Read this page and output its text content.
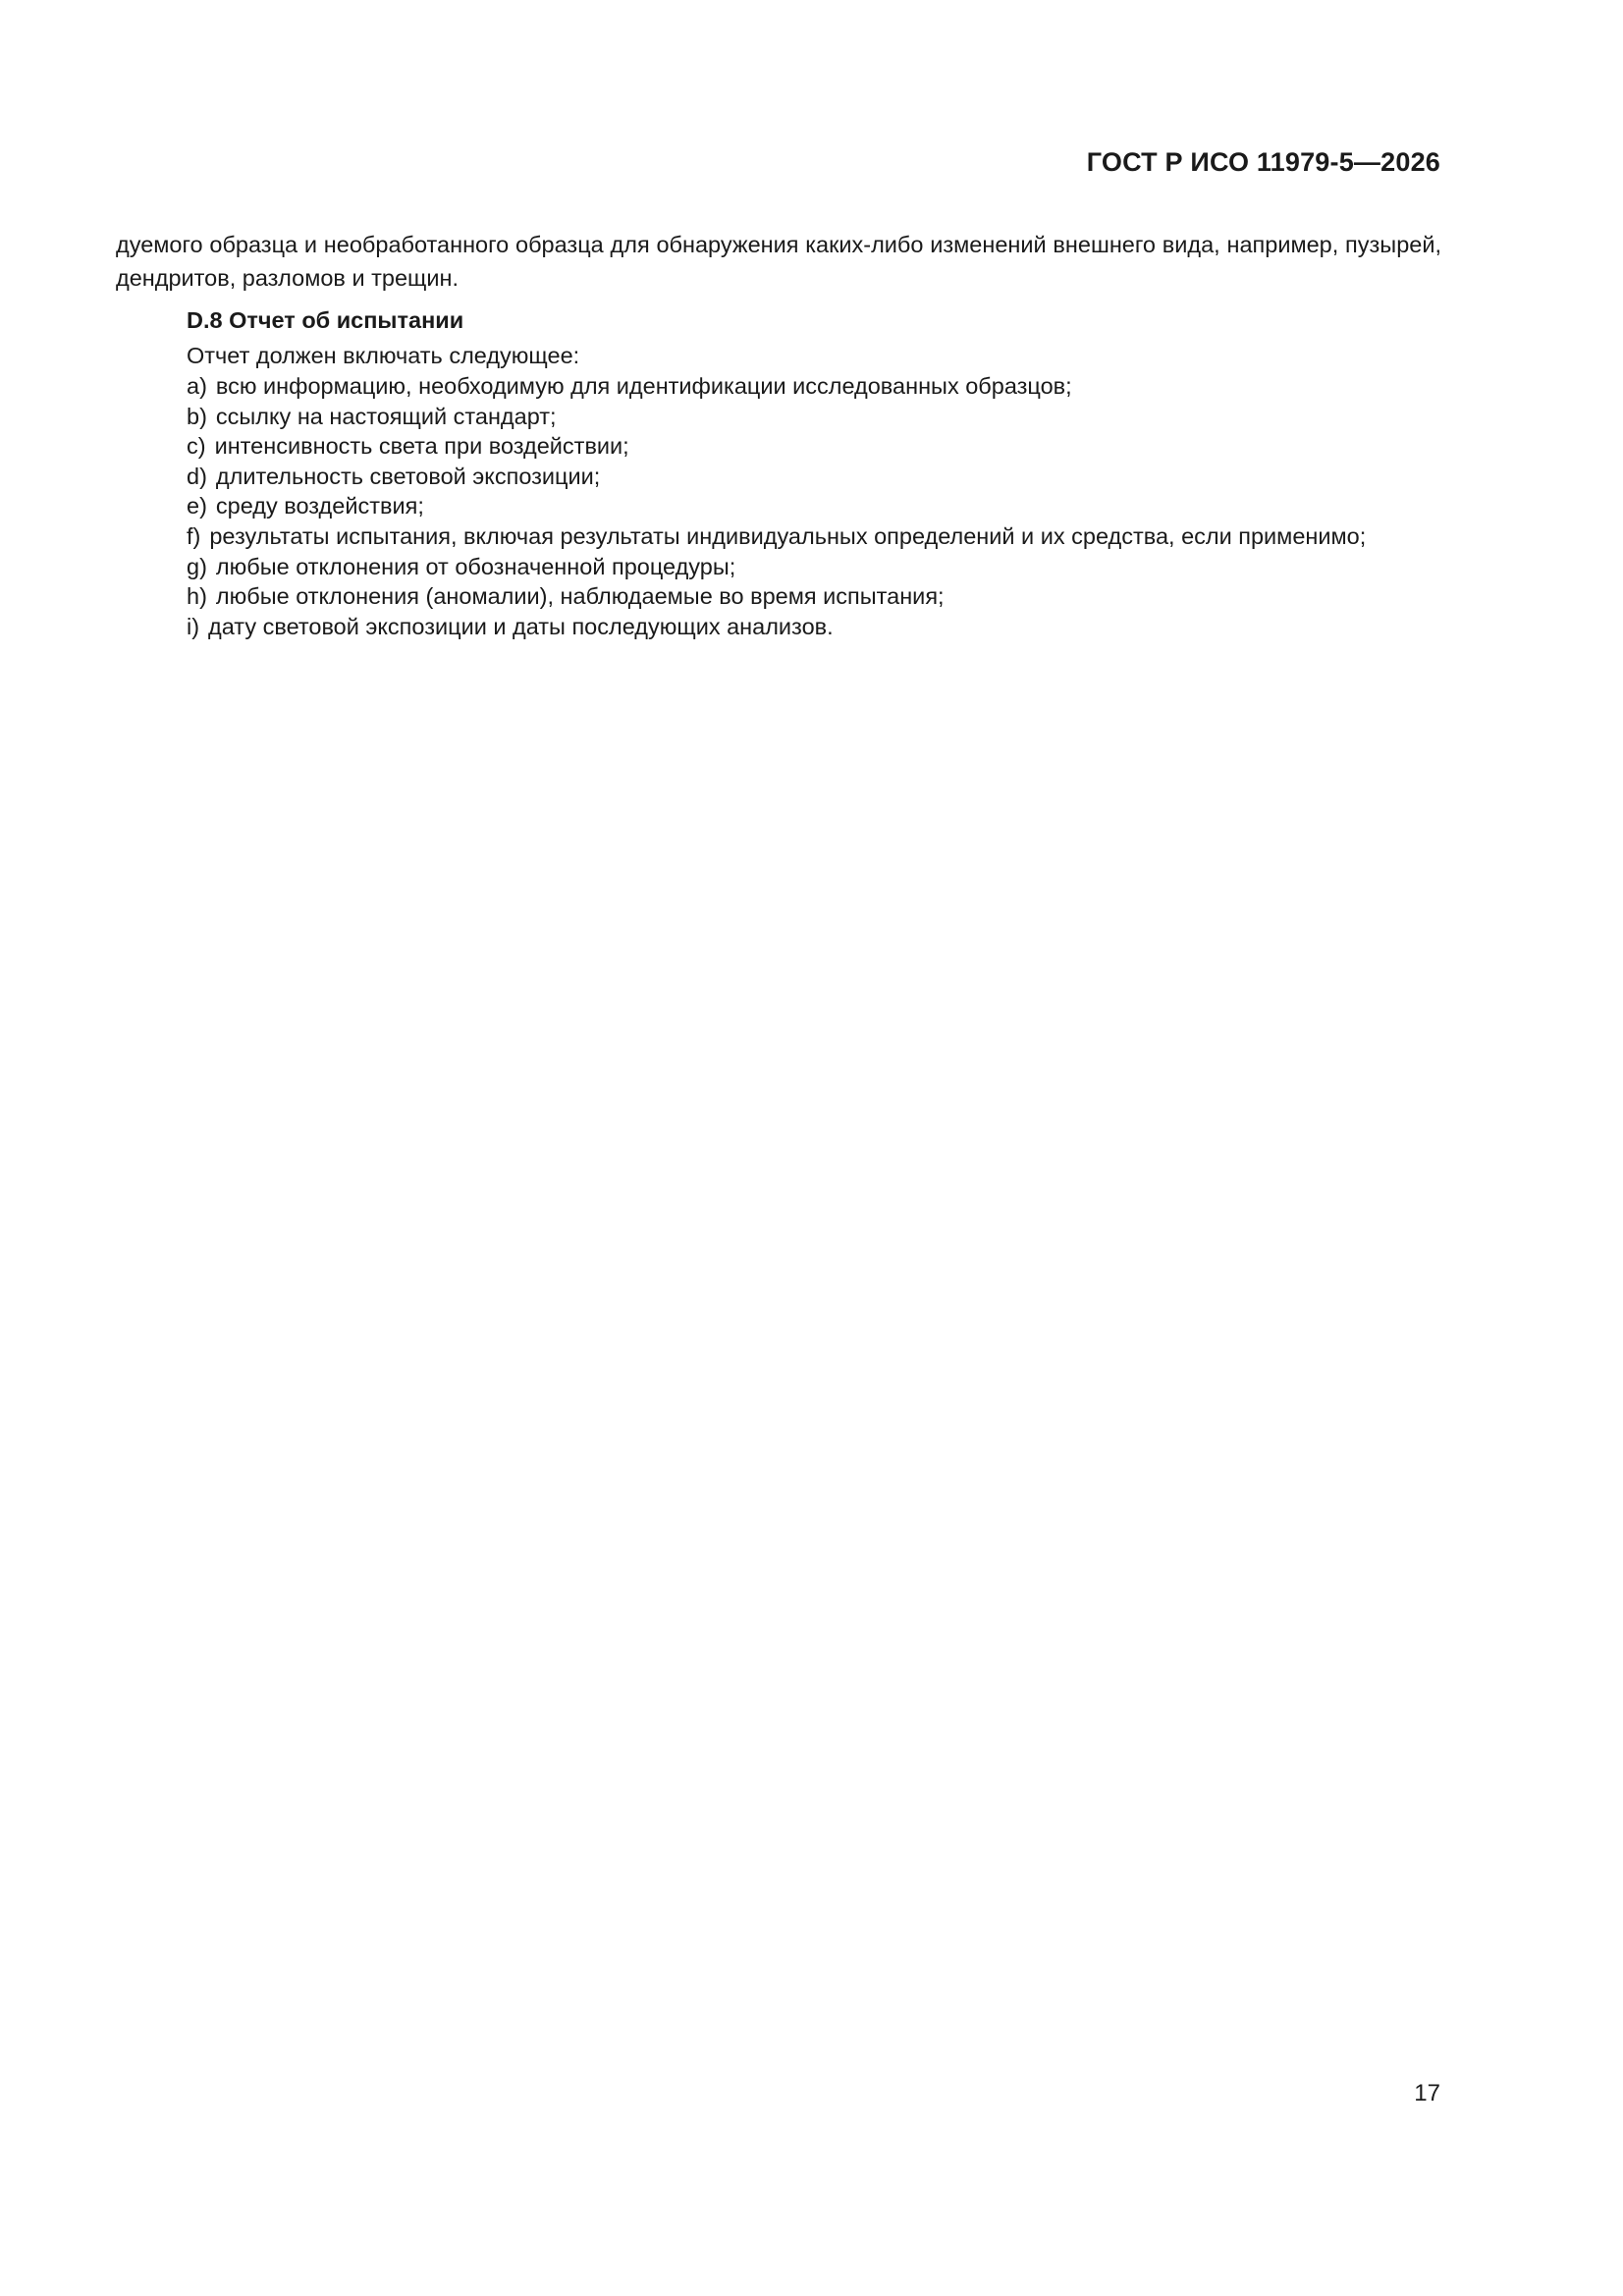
ГОСТ Р ИСО 11979-5—2026

дуемого образца и необработанного образца для обнаружения каких-либо изменений внешнего вида, например, пузырей, дендритов, разломов и трещин.

D.8 Отчет об испытании
Отчет должен включать следующее:
a) всю информацию, необходимую для идентификации исследованных образцов;
b) ссылку на настоящий стандарт;
c) интенсивность света при воздействии;
d) длительность световой экспозиции;
e) среду воздействия;
f) результаты испытания, включая результаты индивидуальных определений и их средства, если применимо;
g) любые отклонения от обозначенной процедуры;
h) любые отклонения (аномалии), наблюдаемые во время испытания;
i) дату световой экспозиции и даты последующих анализов.
17
